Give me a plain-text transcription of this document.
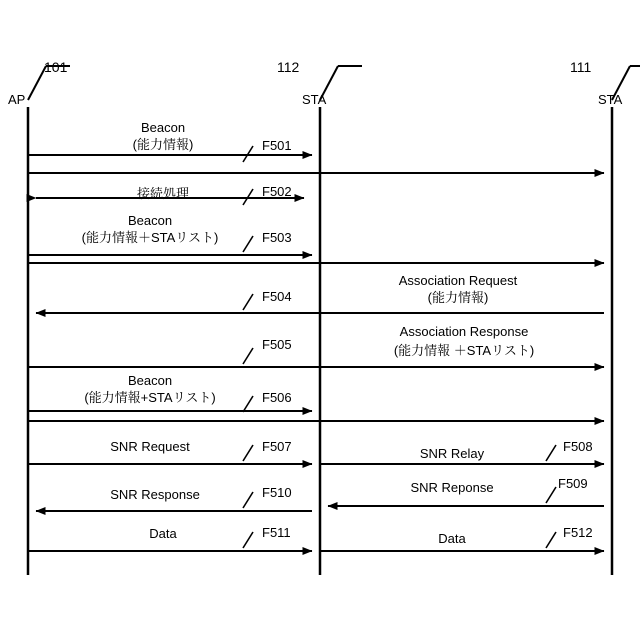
101	112	111
AP	STA	STA
Beacon
(能力情報)	F501
接続処理	F502
Beacon
(能力情報＋STAリスト)	F503
Association Request
(能力情報)
F504
Association Response
(能力情報 ＋STAリスト)
F505
Beacon
(能力情報+STAリスト)	F506
SNR Request	F507	SNR Relay	F508
SNR Reponse	F509
SNR Response	F510
Data	F511	Data	F512
